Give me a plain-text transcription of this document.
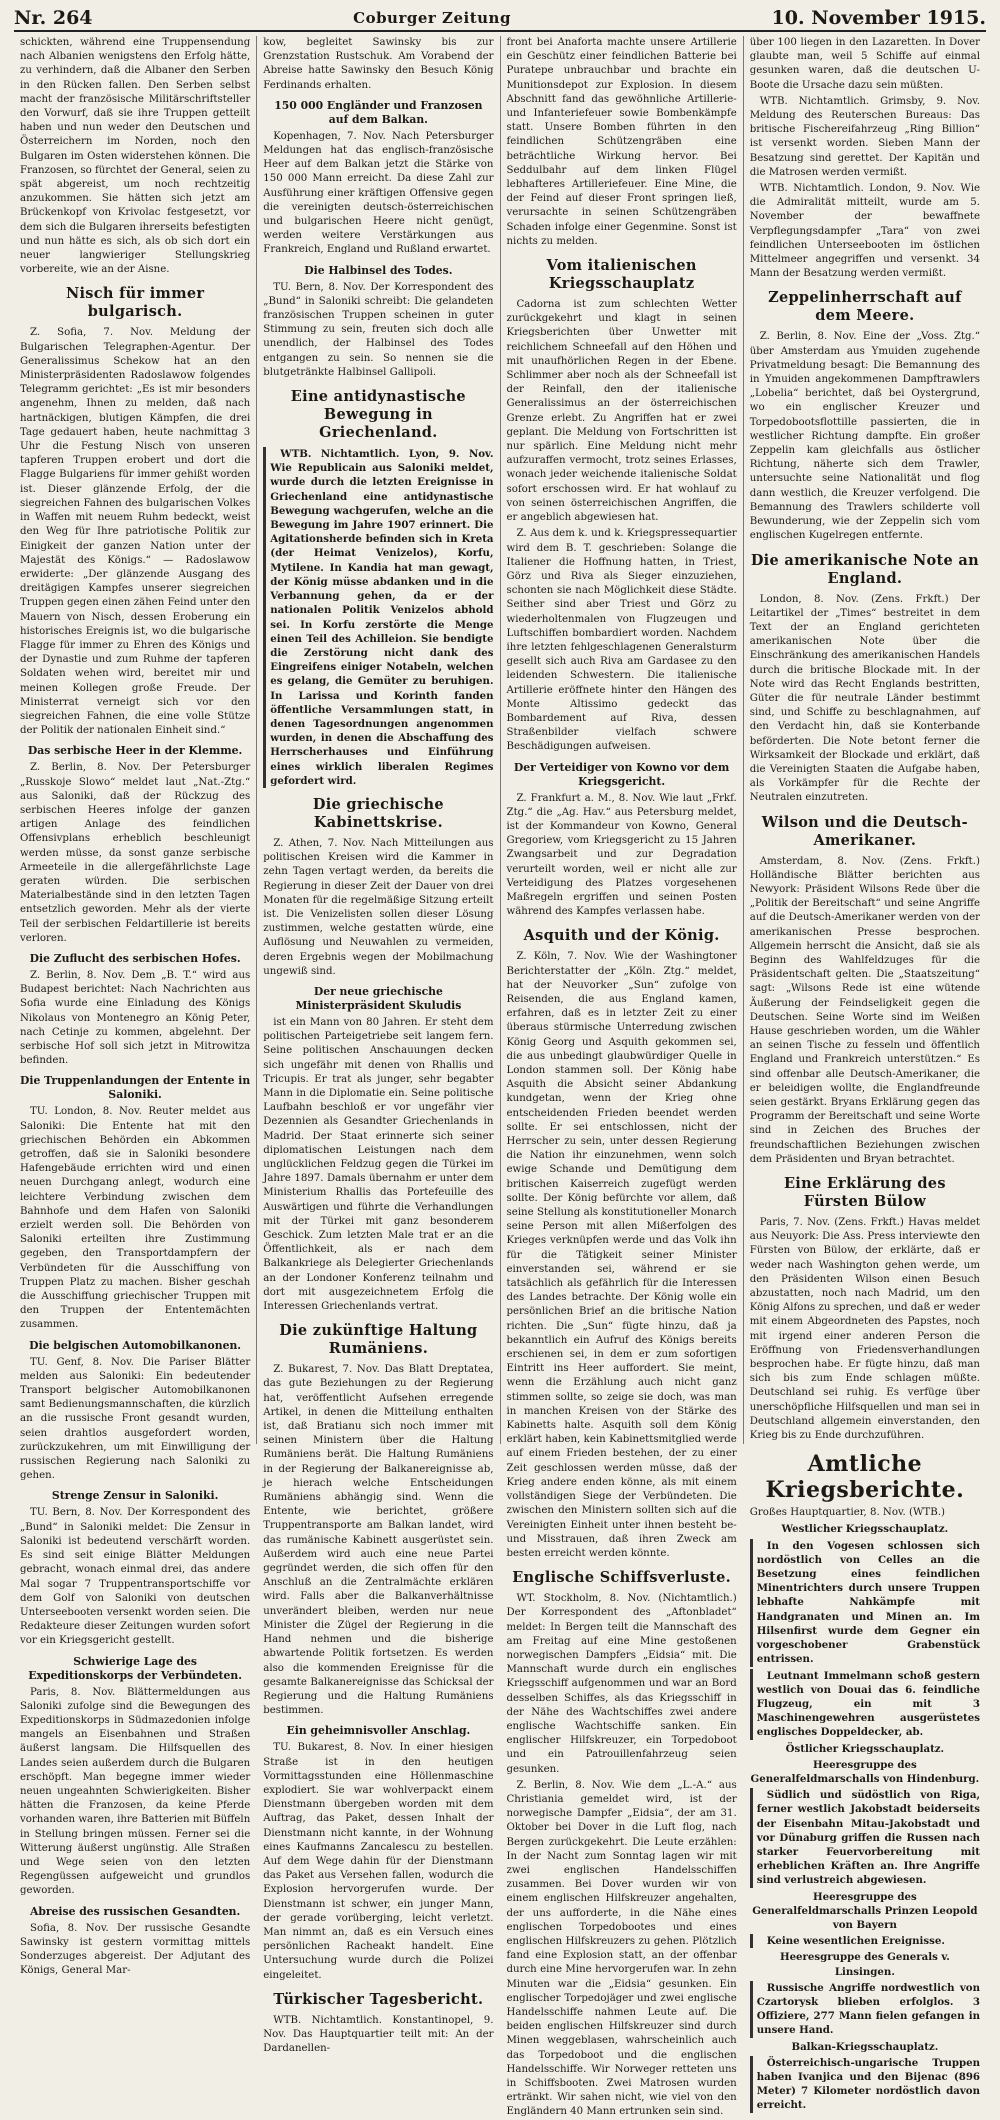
Nr. 264	Coburger Zeitung	10. November 1915.

schickten, während eine Truppensendung nach Albanien wenigstens den Erfolg hätte, zu verhindern, daß die Albaner den Serben in den Rücken fallen. Den Serben selbst macht der französische Militärschriftsteller den Vorwurf, daß sie ihre Truppen getteilt haben und nun weder den Deutschen und Österreichern im Norden, noch den Bulgaren im Osten widerstehen können. Die Franzosen, so fürchtet der General, seien zu spät abgereist, um noch rechtzeitig anzukommen. Sie hätten sich jetzt am Brückenkopf von Krivolac festgesetzt, vor dem sich die Bulgaren ihrerseits befestigten und nun hätte es sich, als ob sich dort ein neuer langwieriger Stellungskrieg vorbereite, wie an der Aisne.

Nisch für immer bulgarisch.

Z. Sofia, 7. Nov. Meldung der Bulgarischen Telegraphen-Agentur. Der Generalissimus Schekow hat an den Ministerpräsidenten Radoslawow folgendes Telegramm gerichtet: „Es ist mir besonders angenehm, Ihnen zu melden, daß nach hartnäckigen, blutigen Kämpfen, die drei Tage gedauert haben, heute nachmittag 3 Uhr die Festung Nisch von unseren tapferen Truppen erobert und dort die Flagge Bulgariens für immer gehißt worden ist. Dieser glänzende Erfolg, der die siegreichen Fahnen des bulgarischen Volkes in Waffen mit neuem Ruhm bedeckt, weist den Weg für Ihre patriotische Politik zur Einigkeit der ganzen Nation unter der Majestät des Königs.“ — Radoslawow erwiderte: „Der glänzende Ausgang des dreitägigen Kampfes unserer siegreichen Truppen gegen einen zähen Feind unter den Mauern von Nisch, dessen Eroberung ein historisches Ereignis ist, wo die bulgarische Flagge für immer zu Ehren des Königs und der Dynastie und zum Ruhme der tapferen Soldaten wehen wird, bereitet mir und meinen Kollegen große Freude. Der Ministerrat verneigt sich vor den siegreichen Fahnen, die eine volle Stütze der Politik der nationalen Einheit sind.“

Das serbische Heer in der Klemme.

Z. Berlin, 8. Nov. Der Petersburger „Russkoje Slowo“ meldet laut „Nat.-Ztg.“ aus Saloniki, daß der Rückzug des serbischen Heeres infolge der ganzen artigen Anlage des feindlichen Offensivplans erheblich beschleunigt werden müsse, da sonst ganze serbische Armeeteile in die allergefährlichste Lage geraten würden. Die serbischen Materialbestände sind in den letzten Tagen entsetzlich geworden. Mehr als der vierte Teil der serbischen Feldartillerie ist bereits verloren.

Die Zuflucht des serbischen Hofes.

Z. Berlin, 8. Nov. Dem „B. T.“ wird aus Budapest berichtet: Nach Nachrichten aus Sofia wurde eine Einladung des Königs Nikolaus von Montenegro an König Peter, nach Cetinje zu kommen, abgelehnt. Der serbische Hof soll sich jetzt in Mitrowitza befinden.

Die Truppenlandungen der Entente in Saloniki.

TU. London, 8. Nov. Reuter meldet aus Saloniki: Die Entente hat mit den griechischen Behörden ein Abkommen getroffen, daß sie in Saloniki besondere Hafengebäude errichten wird und einen neuen Durchgang anlegt, wodurch eine leichtere Verbindung zwischen dem Bahnhofe und dem Hafen von Saloniki erzielt werden soll. Die Behörden von Saloniki erteilten ihre Zustimmung gegeben, den Transportdampfern der Verbündeten für die Ausschiffung von Truppen Platz zu machen. Bisher geschah die Ausschiffung griechischer Truppen mit den Truppen der Ententemächten zusammen.

Die belgischen Automobilkanonen.

TU. Genf, 8. Nov. Die Pariser Blätter melden aus Saloniki: Ein bedeutender Transport belgischer Automobilkanonen samt Bedienungsmannschaften, die kürzlich an die russische Front gesandt wurden, seien drahtlos ausgefordert worden, zurückzukehren, um mit Einwilligung der russischen Regierung nach Saloniki zu gehen.

Strenge Zensur in Saloniki.

TU. Bern, 8. Nov. Der Korrespondent des „Bund“ in Saloniki meldet: Die Zensur in Saloniki ist bedeutend verschärft worden. Es sind seit einige Blätter Meldungen gebracht, wonach einmal drei, das andere Mal sogar 7 Truppentransportschiffe vor dem Golf von Saloniki von deutschen Unterseebooten versenkt worden seien. Die Redakteure dieser Zeitungen wurden sofort vor ein Kriegsgericht gestellt.

Schwierige Lage des Expeditionskorps der Verbündeten.

Paris, 8. Nov. Blättermeldungen aus Saloniki zufolge sind die Bewegungen des Expeditionskorps in Südmazedonien infolge mangels an Eisenbahnen und Straßen äußerst langsam. Die Hilfsquellen des Landes seien außerdem durch die Bulgaren erschöpft. Man begegne immer wieder neuen ungeahnten Schwierigkeiten. Bisher hätten die Franzosen, da keine Pferde vorhanden waren, ihre Batterien mit Büffeln in Stellung bringen müssen. Ferner sei die Witterung äußerst ungünstig. Alle Straßen und Wege seien von den letzten Regengüssen aufgeweicht und grundlos geworden.

Abreise des russischen Gesandten.

Sofia, 8. Nov. Der russische Gesandte Sawinsky ist gestern vormittag mittels Sonderzuges abgereist. Der Adjutant des Königs, General Mar-

kow, begleitet Sawinsky bis zur Grenzstation Rustschuk. Am Vorabend der Abreise hatte Sawinsky den Besuch König Ferdinands erhalten.

150 000 Engländer und Franzosen auf dem Balkan.

Kopenhagen, 7. Nov. Nach Petersburger Meldungen hat das englisch-französische Heer auf dem Balkan jetzt die Stärke von 150 000 Mann erreicht. Da diese Zahl zur Ausführung einer kräftigen Offensive gegen die vereinigten deutsch-österreichischen und bulgarischen Heere nicht genügt, werden weitere Verstärkungen aus Frankreich, England und Rußland erwartet.

Die Halbinsel des Todes.

TU. Bern, 8. Nov. Der Korrespondent des „Bund“ in Saloniki schreibt: Die gelandeten französischen Truppen scheinen in guter Stimmung zu sein, freuten sich doch alle unendlich, der Halbinsel des Todes entgangen zu sein. So nennen sie die blutgetränkte Halbinsel Gallipoli.

Eine antidynastische Bewegung in Griechenland.

WTB. Nichtamtlich. Lyon, 9. Nov. Wie Republicain aus Saloniki meldet, wurde durch die letzten Ereignisse in Griechenland eine antidynastische Bewegung wachgerufen, welche an die Bewegung im Jahre 1907 erinnert. Die Agitationsherde befinden sich in Kreta (der Heimat Venizelos), Korfu, Mytilene. In Kandia hat man gewagt, der König müsse abdanken und in die Verbannung gehen, da er der nationalen Politik Venizelos abhold sei. In Korfu zerstörte die Menge einen Teil des Achilleion. Sie bendigte die Zerstörung nicht dank des Eingreifens einiger Notabeln, welchen es gelang, die Gemüter zu beruhigen. In Larissa und Korinth fanden öffentliche Versammlungen statt, in denen Tagesordnungen angenommen wurden, in denen die Abschaffung des Herrscherhauses und Einführung eines wirklich liberalen Regimes gefordert wird.

Die griechische Kabinettskrise.

Z. Athen, 7. Nov. Nach Mitteilungen aus politischen Kreisen wird die Kammer in zehn Tagen vertagt werden, da bereits die Regierung in dieser Zeit der Dauer von drei Monaten für die regelmäßige Sitzung erteilt ist. Die Venizelisten sollen dieser Lösung zustimmen, welche gestatten würde, eine Auflösung und Neuwahlen zu vermeiden, deren Ergebnis wegen der Mobilmachung ungewiß sind.

Der neue griechische Ministerpräsident Skuludis

ist ein Mann von 80 Jahren. Er steht dem politischen Parteigetriebe seit langem fern. Seine politischen Anschauungen decken sich ungefähr mit denen von Rhallis und Tricupis. Er trat als junger, sehr begabter Mann in die Diplomatie ein. Seine politische Laufbahn beschloß er vor ungefähr vier Dezennien als Gesandter Griechenlands in Madrid. Der Staat erinnerte sich seiner diplomatischen Leistungen nach dem unglücklichen Feldzug gegen die Türkei im Jahre 1897. Damals übernahm er unter dem Ministerium Rhallis das Portefeuille des Auswärtigen und führte die Verhandlungen mit der Türkei mit ganz besonderem Geschick. Zum letzten Male trat er an die Öffentlichkeit, als er nach dem Balkankriege als Delegierter Griechenlands an der Londoner Konferenz teilnahm und dort mit ausgezeichnetem Erfolg die Interessen Griechenlands vertrat.

Die zukünftige Haltung Rumäniens.

Z. Bukarest, 7. Nov. Das Blatt Dreptatea, das gute Beziehungen zu der Regierung hat, veröffentlicht Aufsehen erregende Artikel, in denen die Mitteilung enthalten ist, daß Bratianu sich noch immer mit seinen Ministern über die Haltung Rumäniens berät. Die Haltung Rumäniens in der Regierung der Balkanereignisse ab, je hierach welche Entscheidungen Rumäniens abhängig sind. Wenn die Entente, wie berichtet, größere Truppentransporte am Balkan landet, wird das rumänische Kabinett ausgerüstet sein. Außerdem wird auch eine neue Partei gegründet werden, die sich offen für den Anschluß an die Zentralmächte erklären wird. Falls aber die Balkanverhältnisse unverändert bleiben, werden nur neue Minister die Zügel der Regierung in die Hand nehmen und die bisherige abwartende Politik fortsetzen. Es werden also die kommenden Ereignisse für die gesamte Balkanereignisse das Schicksal der Regierung und die Haltung Rumäniens bestimmen.

Ein geheimnisvoller Anschlag.

TU. Bukarest, 8. Nov. In einer hiesigen Straße ist in den heutigen Vormittagsstunden eine Höllenmaschine explodiert. Sie war wohlverpackt einem Dienstmann übergeben worden mit dem Auftrag, das Paket, dessen Inhalt der Dienstmann nicht kannte, in der Wohnung eines Kaufmanns Zancalescu zu bestellen. Auf dem Wege dahin für der Dienstmann das Paket aus Versehen fallen, wodurch die Explosion hervorgerufen wurde. Der Dienstmann ist schwer, ein junger Mann, der gerade vorüberging, leicht verletzt. Man nimmt an, daß es ein Versuch eines persönlichen Racheakt handelt. Eine Untersuchung wurde durch die Polizei eingeleitet.

Türkischer Tagesbericht.

WTB. Nichtamtlich. Konstantinopel, 9. Nov. Das Hauptquartier teilt mit: An der Dardanellen-

front bei Anaforta machte unsere Artillerie ein Geschütz einer feindlichen Batterie bei Puratepe unbrauchbar und brachte ein Munitionsdepot zur Explosion. In diesem Abschnitt fand das gewöhnliche Artillerie- und Infanteriefeuer sowie Bombenkämpfe statt. Unsere Bomben führten in den feindlichen Schützengräben eine beträchtliche Wirkung hervor. Bei Seddulbahr auf dem linken Flügel lebhafteres Artilleriefeuer. Eine Mine, die der Feind auf dieser Front springen ließ, verursachte in seinen Schützengräben Schaden infolge einer Gegenmine. Sonst ist nichts zu melden.

Vom italienischen Kriegsschauplatz

Cadorna ist zum schlechten Wetter zurückgekehrt und klagt in seinen Kriegsberichten über Unwetter mit reichlichem Schneefall auf den Höhen und mit unaufhörlichen Regen in der Ebene. Schlimmer aber noch als der Schneefall ist der Reinfall, den der italienische Generalissimus an der österreichischen Grenze erlebt. Zu Angriffen hat er zwei geplant. Die Meldung von Fortschritten ist nur spärlich. Eine Meldung nicht mehr aufzuraffen vermocht, trotz seines Erlasses, wonach jeder weichende italienische Soldat sofort erschossen wird. Er hat wohlauf zu von seinen österreichischen Angriffen, die er angeblich abgewiesen hat.

Z. Aus dem k. und k. Kriegspressequartier wird dem B. T. geschrieben: Solange die Italiener die Hoffnung hatten, in Triest, Görz und Riva als Sieger einzuziehen, schonten sie nach Möglichkeit diese Städte. Seither sind aber Triest und Görz zu wiederholtenmalen von Flugzeugen und Luftschiffen bombardiert worden. Nachdem ihre letzten fehlgeschlagenen Generalsturm gesellt sich auch Riva am Gardasee zu den leidenden Schwestern. Die italienische Artillerie eröffnete hinter den Hängen des Monte Altissimo gedeckt das Bombardement auf Riva, dessen Straßenbilder vielfach schwere Beschädigungen aufweisen.

Der Verteidiger von Kowno vor dem Kriegsgericht.

Z. Frankfurt a. M., 8. Nov. Wie laut „Frkf. Ztg.“ die „Ag. Hav.“ aus Petersburg meldet, ist der Kommandeur von Kowno, General Gregoriew, vom Kriegsgericht zu 15 Jahren Zwangsarbeit und zur Degradation verurteilt worden, weil er nicht alle zur Verteidigung des Platzes vorgesehenen Maßregeln ergriffen und seinen Posten während des Kampfes verlassen habe.

Asquith und der König.

Z. Köln, 7. Nov. Wie der Washingtoner Berichterstatter der „Köln. Ztg.“ meldet, hat der Neuvorker „Sun“ zufolge von Reisenden, die aus England kamen, erfahren, daß es in letzter Zeit zu einer überaus stürmische Unterredung zwischen König Georg und Asquith gekommen sei, die aus unbedingt glaubwürdiger Quelle in London stammen soll. Der König habe Asquith die Absicht seiner Abdankung kundgetan, wenn der Krieg ohne entscheidenden Frieden beendet werden sollte. Er sei entschlossen, nicht der Herrscher zu sein, unter dessen Regierung die Nation ihr einzunehmen, wenn solch ewige Schande und Demütigung dem britischen Kaiserreich zugefügt werden sollte. Der König befürchte vor allem, daß seine Stellung als konstitutioneller Monarch seine Person mit allen Mißerfolgen des Krieges verknüpfen werde und das Volk ihn für die Tätigkeit seiner Minister einverstanden sei, während er sie tatsächlich als gefährlich für die Interessen des Landes betrachte. Der König wolle ein persönlichen Brief an die britische Nation richten. Die „Sun“ fügte hinzu, daß ja bekanntlich ein Aufruf des Königs bereits erschienen sei, in dem er zum sofortigen Eintritt ins Heer auffordert. Sie meint, wenn die Erzählung auch nicht ganz stimmen sollte, so zeige sie doch, was man in manchen Kreisen von der Stärke des Kabinetts halte. Asquith soll dem König erklärt haben, kein Kabinettsmitglied werde auf einem Frieden bestehen, der zu einer Zeit geschlossen werden müsse, daß der Krieg andere enden könne, als mit einem vollständigen Siege der Verbündeten. Die zwischen den Ministern sollten sich auf die Vereinigten Einheit unter ihnen besteht be- und Misstrauen, daß ihren Zweck am besten erreicht werden könnte.

Englische Schiffsverluste.

WT. Stockholm, 8. Nov. (Nichtamtlich.) Der Korrespondent des „Aftonbladet“ meldet: In Bergen teilt die Mannschaft des am Freitag auf eine Mine gestoßenen norwegischen Dampfers „Eidsia“ mit. Die Mannschaft wurde durch ein englisches Kriegsschiff aufgenommen und war an Bord desselben Schiffes, als das Kriegsschiff in der Nähe des Wachtschiffes zwei andere englische Wachtschiffe sanken. Ein englischer Hilfskreuzer, ein Torpedoboot und ein Patrouillenfahrzeug seien gesunken.

Z. Berlin, 8. Nov. Wie dem „L.-A.“ aus Christiania gemeldet wird, ist der norwegische Dampfer „Eidsia“, der am 31. Oktober bei Dover in die Luft flog, nach Bergen zurückgekehrt. Die Leute erzählen: In der Nacht zum Sonntag lagen wir mit zwei englischen Handelsschiffen zusammen. Bei Dover wurden wir von einem englischen Hilfskreuzer angehalten, der uns aufforderte, in die Nähe eines englischen Torpedobootes und eines englischen Hilfskreuzers zu gehen. Plötzlich fand eine Explosion statt, an der offenbar durch eine Mine hervorgerufen war. In zehn Minuten war die „Eidsia“ gesunken. Ein englischer Torpedojäger und zwei englische Handelsschiffe nahmen Leute auf. Die beiden englischen Hilfskreuzer sind durch Minen weggeblasen, wahrscheinlich auch das Torpedoboot und die englischen Handelsschiffe. Wir Norweger retteten uns in Schiffsbooten. Zwei Matrosen wurden ertränkt. Wir sahen nicht, wie viel von den Engländern 40 Mann ertrunken sein sind.

über 100 liegen in den Lazaretten. In Dover glaubte man, weil 5 Schiffe auf einmal gesunken waren, daß die deutschen U-Boote die Ursache dazu sein müßten.

WTB. Nichtamtlich. Grimsby, 9. Nov. Meldung des Reuterschen Bureaus: Das britische Fischereifahrzeug „Ring Billion“ ist versenkt worden. Sieben Mann der Besatzung sind gerettet. Der Kapitän und die Matrosen werden vermißt.

WTB. Nichtamtlich. London, 9. Nov. Wie die Admiralität mitteilt, wurde am 5. November der bewaffnete Verpflegungsdampfer „Tara“ von zwei feindlichen Unterseebooten im östlichen Mittelmeer angegriffen und versenkt. 34 Mann der Besatzung werden vermißt.

Zeppelinherrschaft auf dem Meere.

Z. Berlin, 8. Nov. Eine der „Voss. Ztg.“ über Amsterdam aus Ymuiden zugehende Privatmeldung besagt: Die Bemannung des in Ymuiden angekommenen Dampftrawlers „Lobelia“ berichtet, daß bei Oystergrund, wo ein englischer Kreuzer und Torpedobootsflottille passierten, die in westlicher Richtung dampfte. Ein großer Zeppelin kam gleichfalls aus östlicher Richtung, näherte sich dem Trawler, untersuchte seine Nationalität und flog dann westlich, die Kreuzer verfolgend. Die Bemannung des Trawlers schilderte voll Bewunderung, wie der Zeppelin sich vom englischen Kugelregen entfernte.

Die amerikanische Note an England.

London, 8. Nov. (Zens. Frkft.) Der Leitartikel der „Times“ bestreitet in dem Text der an England gerichteten amerikanischen Note über die Einschränkung des amerikanischen Handels durch die britische Blockade mit. In der Note wird das Recht Englands bestritten, Güter die für neutrale Länder bestimmt sind, und Schiffe zu beschlagnahmen, auf den Verdacht hin, daß sie Konterbande beförderten. Die Note betont ferner die Wirksamkeit der Blockade und erklärt, daß die Vereinigten Staaten die Aufgabe haben, als Vorkämpfer für die Rechte der Neutralen einzutreten.

Wilson und die Deutsch-Amerikaner.

Amsterdam, 8. Nov. (Zens. Frkft.) Holländische Blätter berichten aus Newyork: Präsident Wilsons Rede über die „Politik der Bereitschaft“ und seine Angriffe auf die Deutsch-Amerikaner werden von der amerikanischen Presse besprochen. Allgemein herrscht die Ansicht, daß sie als Beginn des Wahlfeldzuges für die Präsidentschaft gelten. Die „Staatszeitung“ sagt: „Wilsons Rede ist eine wütende Äußerung der Feindseligkeit gegen die Deutschen. Seine Worte sind im Weißen Hause geschrieben worden, um die Wähler an seinen Tische zu fesseln und öffentlich England und Frankreich unterstützen.“ Es sind offenbar alle Deutsch-Amerikaner, die er beleidigen wollte, die Englandfreunde seien gestärkt. Bryans Erklärung gegen das Programm der Bereitschaft und seine Worte sind in Zeichen des Bruches der freundschaftlichen Beziehungen zwischen dem Präsidenten und Bryan betrachtet.

Eine Erklärung des Fürsten Bülow

Paris, 7. Nov. (Zens. Frkft.) Havas meldet aus Neuyork: Die Ass. Press interviewte den Fürsten von Bülow, der erklärte, daß er weder nach Washington gehen werde, um den Präsidenten Wilson einen Besuch abzustatten, noch nach Madrid, um den König Alfons zu sprechen, und daß er weder mit einem Abgeordneten des Papstes, noch mit irgend einer anderen Person die Eröffnung von Friedensverhandlungen besprochen habe. Er fügte hinzu, daß man sich bis zum Ende schlagen müßte. Deutschland sei ruhig. Es verfüge über unerschöpfliche Hilfsquellen und man sei in Deutschland allgemein einverstanden, den Krieg bis zu Ende durchzuführen.

Amtliche Kriegsberichte.

Großes Hauptquartier, 8. Nov. (WTB.)

Westlicher Kriegsschauplatz.

In den Vogesen schlossen sich nordöstlich von Celles an die Besetzung eines feindlichen Minentrichters durch unsere Truppen lebhafte Nahkämpfe mit Handgranaten und Minen an. Im Hilsenfirst wurde dem Gegner ein vorgeschobener Grabenstück entrissen.

Leutnant Immelmann schoß gestern westlich von Douai das 6. feindliche Flugzeug, ein mit 3 Maschinengewehren ausgerüstetes englisches Doppeldecker, ab.

Östlicher Kriegsschauplatz.
Heeresgruppe des Generalfeldmarschalls von Hindenburg.

Südlich und südöstlich von Riga, ferner westlich Jakobstadt beiderseits der Eisenbahn Mitau-Jakobstadt und vor Dünaburg griffen die Russen nach starker Feuervorbereitung mit erheblichen Kräften an. Ihre Angriffe sind verlustreich abgewiesen.

Heeresgruppe des Generalfeldmarschalls Prinzen Leopold von Bayern

Keine wesentlichen Ereignisse.

Heeresgruppe des Generals v. Linsingen.

Russische Angriffe nordwestlich von Czartorysk blieben erfolglos. 3 Offiziere, 277 Mann fielen gefangen in unsere Hand.

Balkan-Kriegsschauplatz.

Österreichisch-ungarische Truppen haben Ivanjica und den Bijenac (896 Meter) 7 Kilometer nordöstlich davon erreicht.
